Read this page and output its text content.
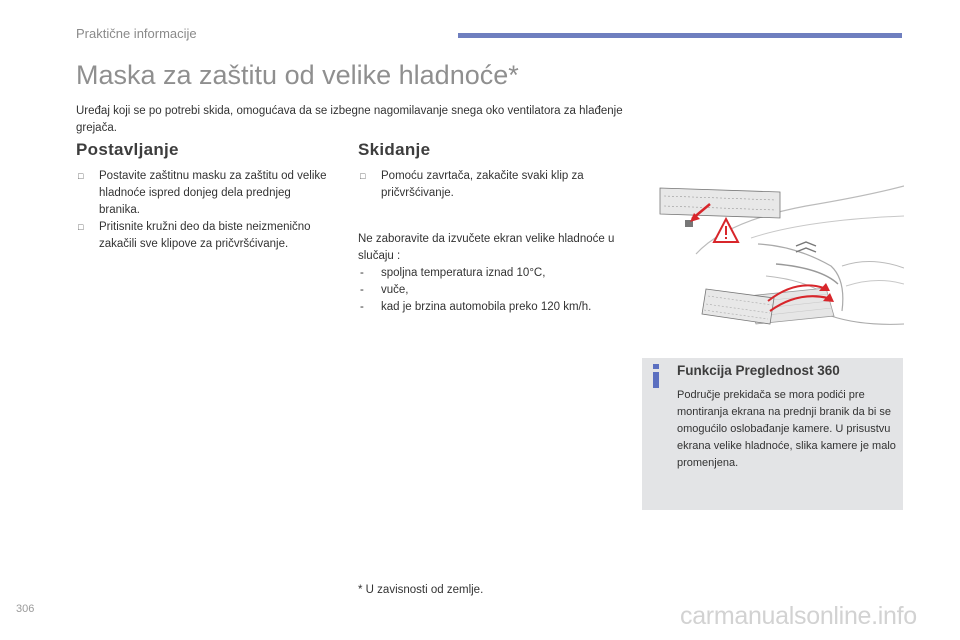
Praktične informacije
Maska za zaštitu od velike hladnoće*
Uređaj koji se po potrebi skida, omogućava da se izbegne nagomilavanje snega oko ventilatora za hlađenje grejača.
Postavljanje
□ Postavite zaštitnu masku za zaštitu od velike hladnoće ispred donjeg dela prednjeg branika.
□ Pritisnite kružni deo da biste neizmenično zakačili sve klipove za pričvršćivanje.
Skidanje
□ Pomoću zavrtača, zakačite svaki klip za pričvršćivanje.
Ne zaboravite da izvučete ekran velike hladnoće u slučaju :
- spoljna temperatura iznad 10°C,
- vuče,
- kad je brzina automobila preko 120 km/h.
Funkcija Preglednost 360
Područje prekidača se mora podići pre montiranja ekrana na prednji branik da bi se omogućilo oslobađanje kamere. U prisustvu ekrana velike hladnoće, slika kamere je malo promenjena.
* U zavisnosti od zemlje.
306	carmanualsonline.info
